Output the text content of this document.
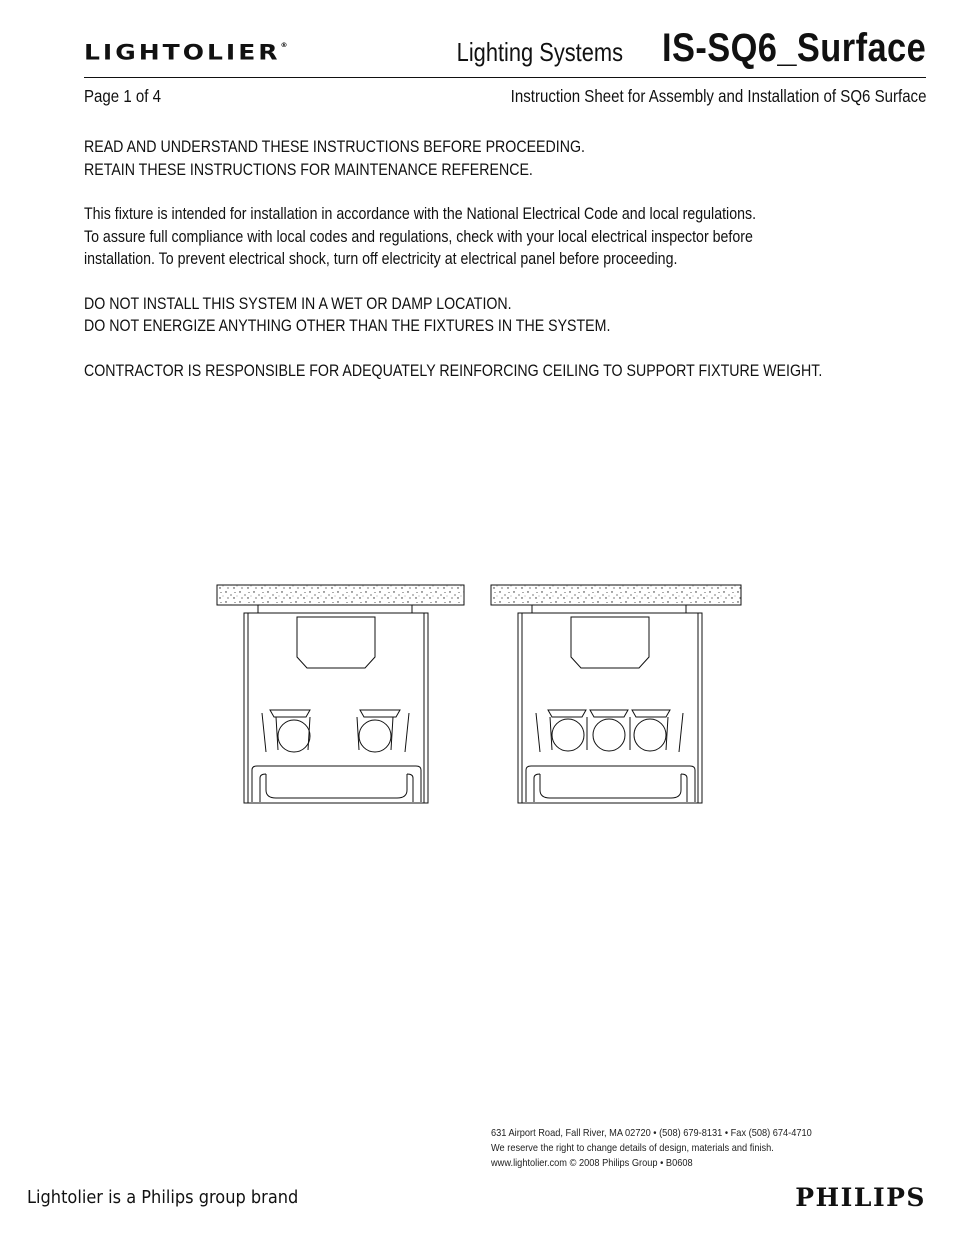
LIGHTOLIER®	Lighting Systems IS-SQ6_Surface
Page 1 of 4	Instruction Sheet for Assembly and Installation of SQ6 Surface

READ AND UNDERSTAND THESE INSTRUCTIONS BEFORE PROCEEDING.
RETAIN THESE INSTRUCTIONS FOR MAINTENANCE REFERENCE.

This fixture is intended for installation in accordance with the National Electrical Code and local regulations.
To assure full compliance with local codes and regulations, check with your local electrical inspector before
installation. To prevent electrical shock, turn off electricity at electrical panel before proceeding.

DO NOT INSTALL THIS SYSTEM IN A WET OR DAMP LOCATION.
DO NOT ENERGIZE ANYTHING OTHER THAN THE FIXTURES IN THE SYSTEM.

CONTRACTOR IS RESPONSIBLE FOR ADEQUATELY REINFORCING CEILING TO SUPPORT FIXTURE WEIGHT.

631 Airport Road, Fall River, MA 02720 • (508) 679-8131 • Fax (508) 674-4710
We reserve the right to change details of design, materials and finish.
www.lightolier.com © 2008 Philips Group • B0608
Lightolier is a Philips group brand	PHILIPS
